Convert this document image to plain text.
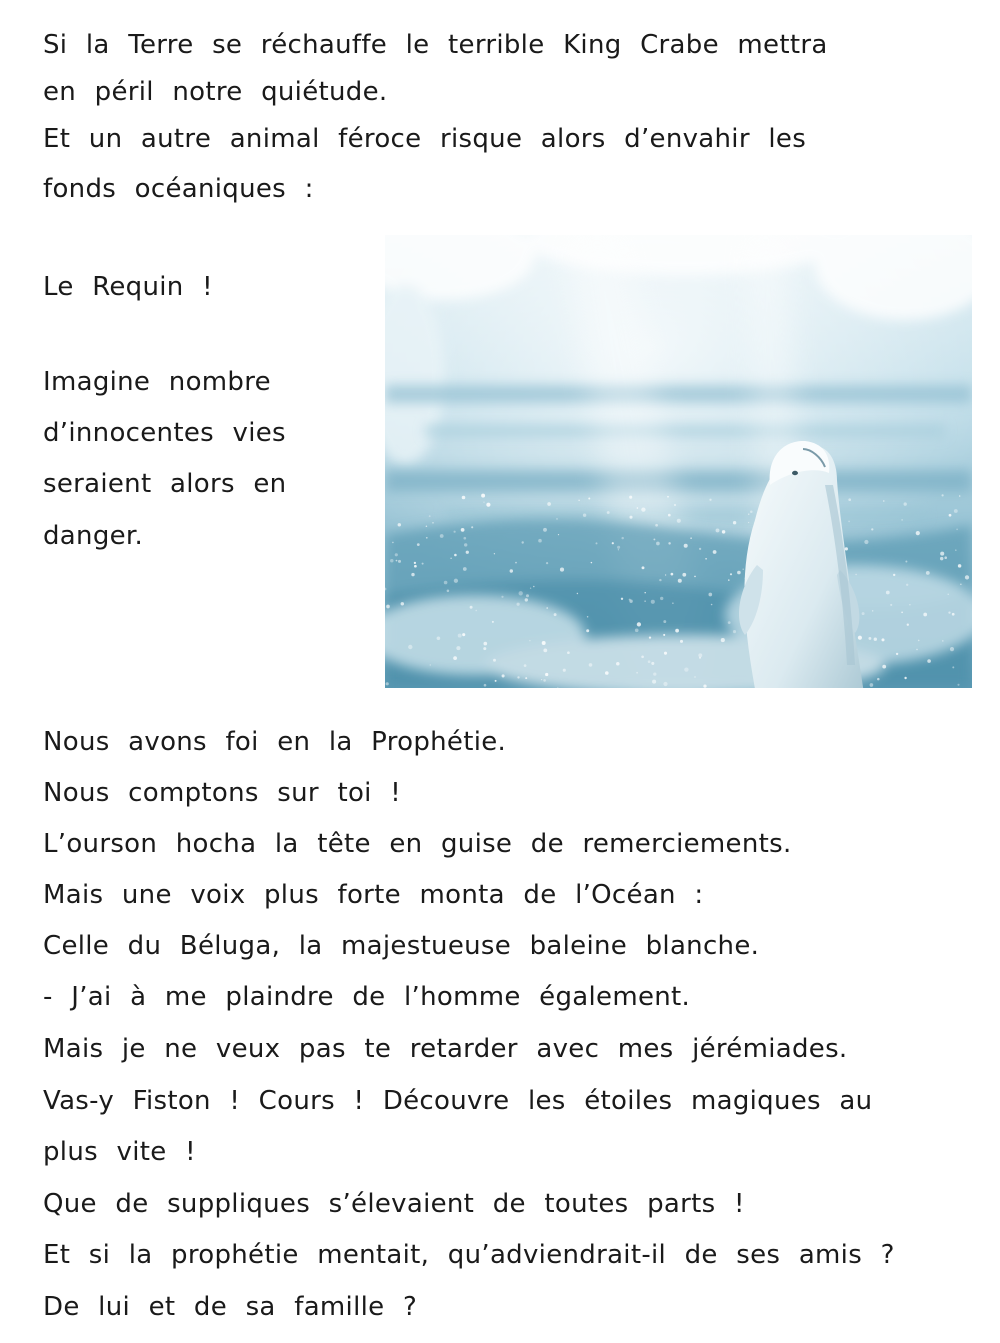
Si la Terre se réchauffe le terrible King Crabe mettra
en péril notre quiétude.
Et un autre animal féroce risque alors d’envahir les
fonds océaniques :
Le Requin !
Imagine nombre
d’innocentes vies
seraient alors en
danger.
Nous avons foi en la Prophétie.
Nous comptons sur toi !
L’ourson hocha la tête en guise de remerciements.
Mais une voix plus forte monta de l’Océan :
Celle du Béluga, la majestueuse baleine blanche.
- J’ai à me plaindre de l’homme également.
Mais je ne veux pas te retarder avec mes jérémiades.
Vas-y Fiston ! Cours ! Découvre les étoiles magiques au
plus vite !
Que de suppliques s’élevaient de toutes parts !
Et si la prophétie mentait, qu’adviendrait-il de ses amis ?
De lui et de sa famille ?
